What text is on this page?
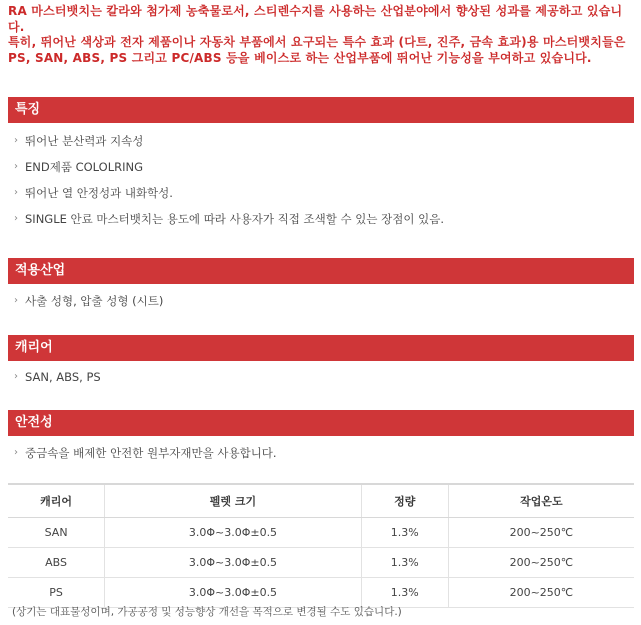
RA 마스터뱃치는 칼라와 첨가제 농축물로서, 스티렌수지를 사용하는 산업분야에서 향상된 성과를 제공하고 있습니다.

특히, 뛰어난 색상과 전자 제품이나 자동차 부품에서 요구되는 특수 효과 (다트, 진주, 금속 효과)용 마스터뱃치들은 PS, SAN, ABS, PS 그리고 PC/ABS 등을 베이스로 하는 산업부품에 뛰어난 기능성을 부여하고 있습니다.

특징
› 뛰어난 분산력과 지속성
› END제품 COLOLRING
› 뛰어난 열 안정성과 내화학성.
› SINGLE 안료 마스터뱃치는 용도에 따라 사용자가 직접 조색할 수 있는 장점이 있음.
적용산업
› 사출 성형, 압출 성형 (시트)
캐리어
› SAN, ABS, PS
안전성
› 중금속을 배제한 안전한 원부자재만을 사용합니다.
캐리어	펠렛 크기	정량	작업온도
SAN	3.0Φ~3.0Φ±0.5	1.3%	200~250℃
ABS	3.0Φ~3.0Φ±0.5	1.3%	200~250℃
PS	3.0Φ~3.0Φ±0.5	1.3%	200~250℃
(상기는 대표물성이며, 가공공정 및 성능향상 개선을 목적으로 변경될 수도 있습니다.)
